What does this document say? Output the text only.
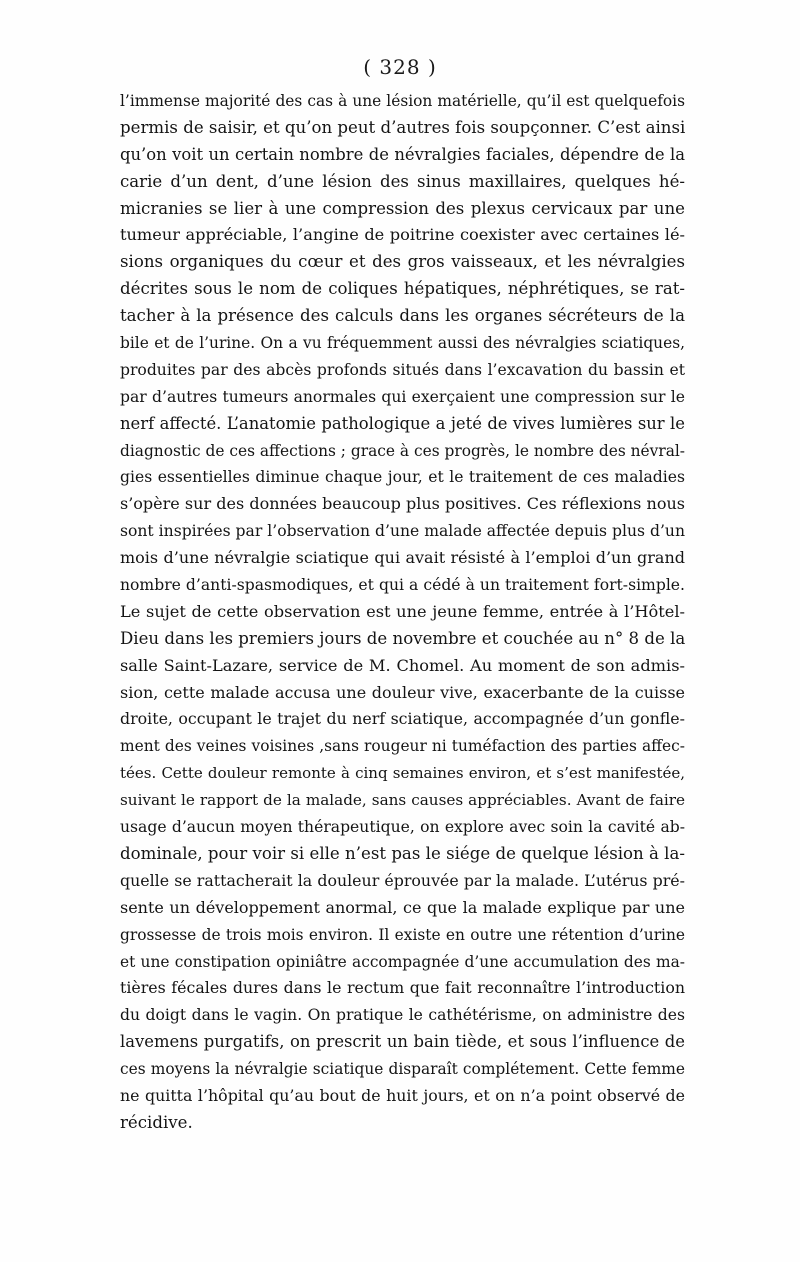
( 328 )
l’immense majorité des cas à une lésion matérielle, qu’il est quelquefois
permis de saisir, et qu’on peut d’autres fois soupçonner. C’est ainsi
qu’on voit un certain nombre de névralgies faciales, dépendre de la
carie d’un dent, d’une lésion des sinus maxillaires, quelques hé-
micranies se lier à une compression des plexus cervicaux par une
tumeur appréciable, l’angine de poitrine coexister avec certaines lé-
sions organiques du cœur et des gros vaisseaux, et les névralgies
décrites sous le nom de coliques hépatiques, néphrétiques, se rat-
tacher à la présence des calculs dans les organes sécréteurs de la
bile et de l’urine. On a vu fréquemment aussi des névralgies sciatiques,
produites par des abcès profonds situés dans l’excavation du bassin et
par d’autres tumeurs anormales qui exerçaient une compression sur le
nerf affecté. L’anatomie pathologique a jeté de vives lumières sur le
diagnostic de ces affections ; grace à ces progrès, le nombre des névral-
gies essentielles diminue chaque jour, et le traitement de ces maladies
s’opère sur des données beaucoup plus positives. Ces réflexions nous
sont inspirées par l’observation d’une malade affectée depuis plus d’un
mois d’une névralgie sciatique qui avait résisté à l’emploi d’un grand
nombre d’anti-spasmodiques, et qui a cédé à un traitement fort-simple.
Le sujet de cette observation est une jeune femme, entrée à l’Hôtel-
Dieu dans les premiers jours de novembre et couchée au n° 8 de la
salle Saint-Lazare, service de M. Chomel. Au moment de son admis-
sion, cette malade accusa une douleur vive, exacerbante de la cuisse
droite, occupant le trajet du nerf sciatique, accompagnée d’un gonfle-
ment des veines voisines ,sans rougeur ni tuméfaction des parties affec-
tées. Cette douleur remonte à cinq semaines environ, et s’est manifestée,
suivant le rapport de la malade, sans causes appréciables. Avant de faire
usage d’aucun moyen thérapeutique, on explore avec soin la cavité ab-
dominale, pour voir si elle n’est pas le siége de quelque lésion à la-
quelle se rattacherait la douleur éprouvée par la malade. L’utérus pré-
sente un développement anormal, ce que la malade explique par une
grossesse de trois mois environ. Il existe en outre une rétention d’urine
et une constipation opiniâtre accompagnée d’une accumulation des ma-
tières fécales dures dans le rectum que fait reconnaître l’introduction
du doigt dans le vagin. On pratique le cathétérisme, on administre des
lavemens purgatifs, on prescrit un bain tiède, et sous l’influence de
ces moyens la névralgie sciatique disparaît complétement. Cette femme
ne quitta l’hôpital qu’au bout de huit jours, et on n’a point observé de
récidive.
